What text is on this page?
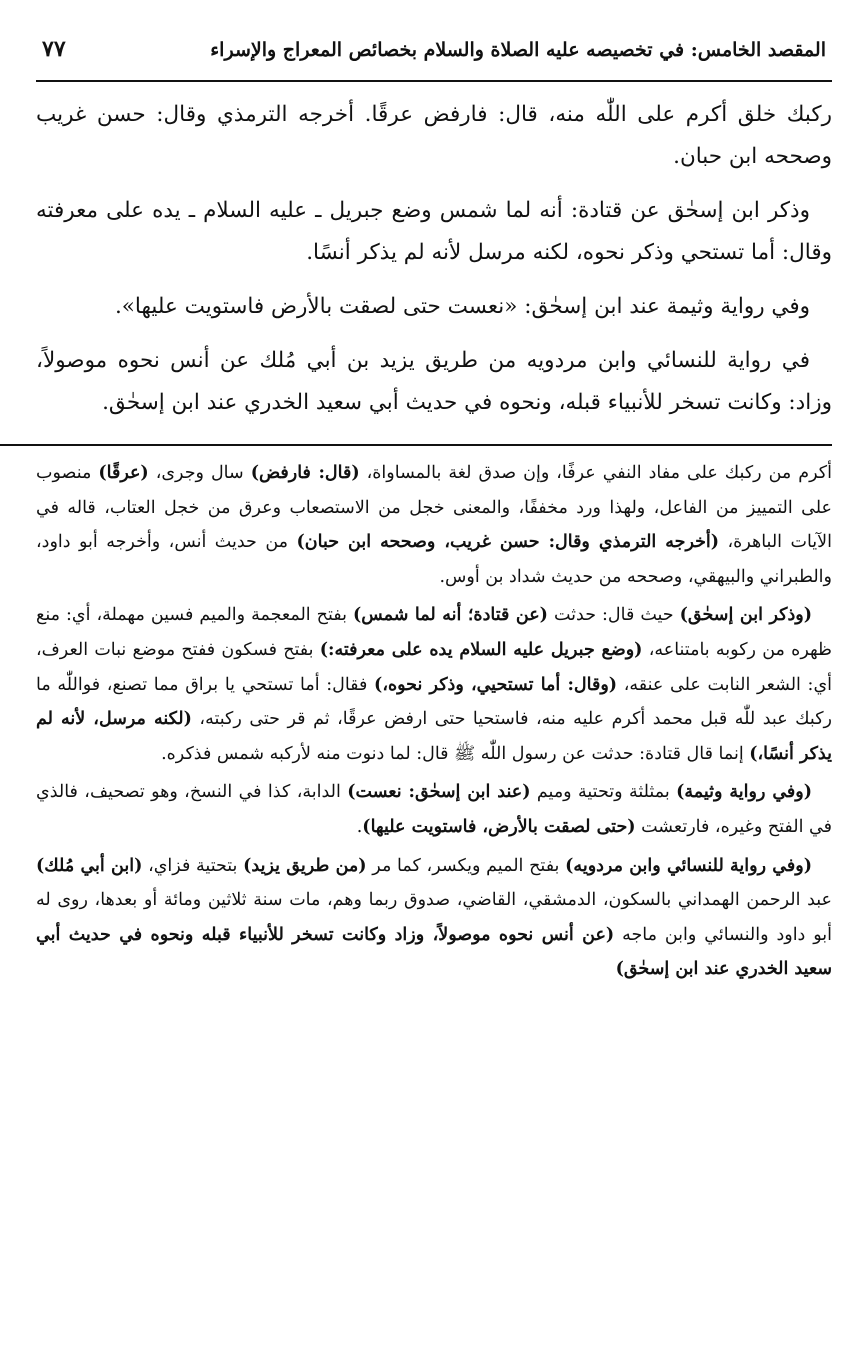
المقصد الخامس: في تخصيصه عليه الصلاة والسلام بخصائص المعراج والإسراء
٧٧

ركبك خلق أكرم على اللّٰه منه، قال: فارفض عرقًا. أخرجه الترمذي وقال: حسن غريب وصححه ابن حبان.

وذكر ابن إسحٰق عن قتادة: أنه لما شمس وضع جبريل ـ عليه السلام ـ يده على معرفته وقال: أما تستحي وذكر نحوه، لكنه مرسل لأنه لم يذكر أنسًا.

وفي رواية وثيمة عند ابن إسحٰق: «نعست حتى لصقت بالأرض فاستويت عليها».

في رواية للنسائي وابن مردويه من طريق يزيد بن أبي مُلك عن أنس نحوه موصولاً، وزاد: وكانت تسخر للأنبياء قبله، ونحوه في حديث أبي سعيد الخدري عند ابن إسحٰق.

أكرم من ركبك على مفاد النفي عرفًا، وإن صدق لغة بالمساواة، (قال: فارفض) سال وجرى، (عرقًا) منصوب على التمييز من الفاعل، ولهذا ورد مخففًا، والمعنى خجل من الاستصعاب وعرق من خجل العتاب، قاله في الآيات الباهرة، (أخرجه الترمذي وقال: حسن غريب، وصححه ابن حبان) من حديث أنس، وأخرجه أبو داود، والطبراني والبيهقي، وصححه من حديث شداد بن أوس.

(وذكر ابن إسحٰق) حيث قال: حدثت (عن قتادة؛ أنه لما شمس) بفتح المعجمة والميم فسين مهملة، أي: منع ظهره من ركوبه بامتناعه، (وضع جبريل عليه السلام يده على معرفته:) بفتح فسكون ففتح موضع نبات العرف، أي: الشعر النابت على عنقه، (وقال: أما تستحيي، وذكر نحوه،) فقال: أما تستحي يا براق مما تصنع، فواللّٰه ما ركبك عبد للّٰه قبل محمد أكرم عليه منه، فاستحيا حتى ارفض عرقًا، ثم قر حتى ركبته، (لكنه مرسل، لأنه لم يذكر أنسًا،) إنما قال قتادة: حدثت عن رسول اللّٰه ﷺ قال: لما دنوت منه لأركبه شمس فذكره.

(وفي رواية وثيمة) بمثلثة وتحتية وميم (عند ابن إسحٰق: نعست) الدابة، كذا في النسخ، وهو تصحيف، فالذي في الفتح وغيره، فارتعشت (حتى لصقت بالأرض، فاستويت عليها).

(وفي رواية للنسائي وابن مردويه) بفتح الميم ويكسر، كما مر (من طريق يزيد) بتحتية فزاي، (ابن أبي مُلك) عبد الرحمن الهمداني بالسكون، الدمشقي، القاضي، صدوق ربما وهم، مات سنة ثلاثين ومائة أو بعدها، روى له أبو داود والنسائي وابن ماجه (عن أنس نحوه موصولاً، وزاد وكانت تسخر للأنبياء قبله ونحوه في حديث أبي سعيد الخدري عند ابن إسحٰق)
